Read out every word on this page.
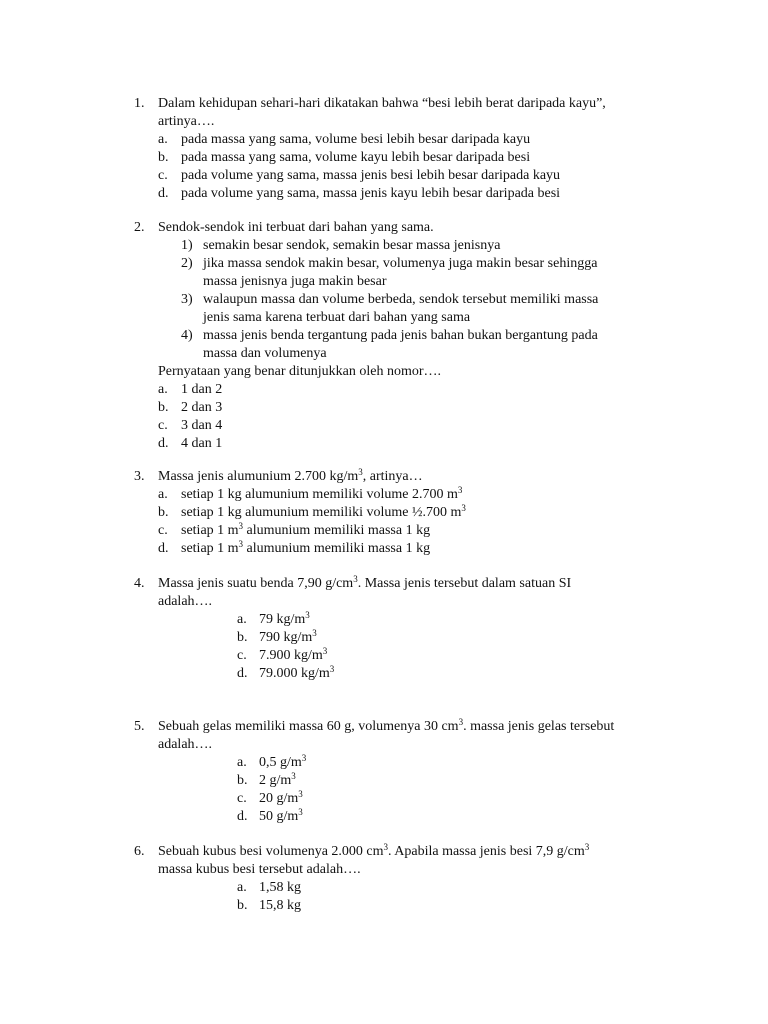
1. Dalam kehidupan sehari-hari dikatakan bahwa “besi lebih berat daripada kayu”,
artinya….
a. pada massa yang sama, volume besi lebih besar daripada kayu
b. pada massa yang sama, volume kayu lebih besar daripada besi
c. pada volume yang sama, massa jenis besi lebih besar daripada kayu
d. pada volume yang sama, massa jenis kayu lebih besar daripada besi
2. Sendok-sendok ini terbuat dari bahan yang sama.
1) semakin besar sendok, semakin besar massa jenisnya
2) jika massa sendok makin besar, volumenya juga makin besar sehingga
massa jenisnya juga makin besar
3) walaupun massa dan volume berbeda, sendok tersebut memiliki massa
jenis sama karena terbuat dari bahan yang sama
4) massa jenis benda tergantung pada jenis bahan bukan bergantung pada
massa dan volumenya
Pernyataan yang benar ditunjukkan oleh nomor….
a. 1 dan 2
b. 2 dan 3
c. 3 dan 4
d. 4 dan 1
3. Massa jenis alumunium 2.700 $kg/m^3$, artinya…
a. setiap 1 kg alumunium memiliki volume 2.700 $m^3$
b. setiap 1 kg alumunium memiliki volume ½.700 $m^3$
c. setiap 1 $m^3$ alumunium memiliki massa 1 kg
d. setiap 1 $m^3$ alumunium memiliki massa 1 kg
4. Massa jenis suatu benda 7,90 $g/cm^3$. Massa jenis tersebut dalam satuan SI
adalah….
a. 79 $kg/m^3$
b. 790 $kg/m^3$
c. 7.900 $kg/m^3$
d. 79.000 $kg/m^3$
5. Sebuah gelas memiliki massa 60 g, volumenya 30 $cm^3$. massa jenis gelas tersebut
adalah….
a. 0,5 $g/m^3$
b. 2 $g/m^3$
c. 20 $g/m^3$
d. 50 $g/m^3$
6. Sebuah kubus besi volumenya 2.000 $cm^3$. Apabila massa jenis besi 7,9 $g/cm^3$
massa kubus besi tersebut adalah….
a. 1,58 kg
b. 15,8 kg
